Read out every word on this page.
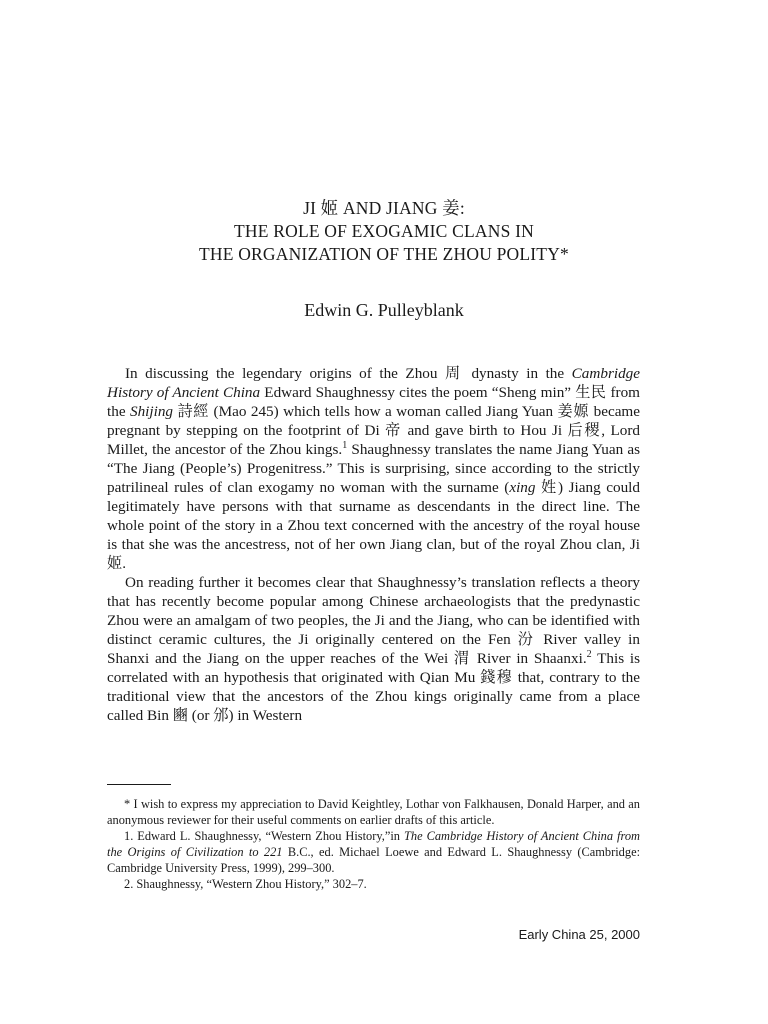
JI 姬 AND JIANG 姜:
THE ROLE OF EXOGAMIC CLANS IN
THE ORGANIZATION OF THE ZHOU POLITY*
Edwin G. Pulleyblank

In discussing the legendary origins of the Zhou 周 dynasty in the Cambridge History of Ancient China Edward Shaughnessy cites the poem “Sheng min” 生民 from the Shijing 詩經 (Mao 245) which tells how a woman called Jiang Yuan 姜嫄 became pregnant by stepping on the footprint of Di 帝 and gave birth to Hou Ji 后稷, Lord Millet, the ancestor of the Zhou kings.$^1$ Shaughnessy translates the name Jiang Yuan as “The Jiang (People’s) Progenitress.” This is surprising, since according to the strictly patrilineal rules of clan exogamy no woman with the surname (xing 姓) Jiang could legitimately have persons with that surname as descendants in the direct line. The whole point of the story in a Zhou text concerned with the ancestry of the royal house is that she was the ancestress, not of her own Jiang clan, but of the royal Zhou clan, Ji 姬.

On reading further it becomes clear that Shaughnessy’s translation reflects a theory that has recently become popular among Chinese archaeologists that the predynastic Zhou were an amalgam of two peoples, the Ji and the Jiang, who can be identified with distinct ceramic cultures, the Ji originally centered on the Fen 汾 River valley in Shanxi and the Jiang on the upper reaches of the Wei 渭 River in Shaanxi.$^2$ This is correlated with an hypothesis that originated with Qian Mu 錢穆 that, contrary to the traditional view that the ancestors of the Zhou kings originally came from a place called Bin 豳 (or 邠) in Western

* I wish to express my appreciation to David Keightley, Lothar von Falkhausen, Donald Harper, and an anonymous reviewer for their useful comments on earlier drafts of this article.

1. Edward L. Shaughnessy, “Western Zhou History,”in The Cambridge History of Ancient China from the Origins of Civilization to 221 B.C., ed. Michael Loewe and Edward L. Shaughnessy (Cambridge: Cambridge University Press, 1999), 299–300.

2. Shaughnessy, “Western Zhou History,” 302–7.

Early China 25, 2000
